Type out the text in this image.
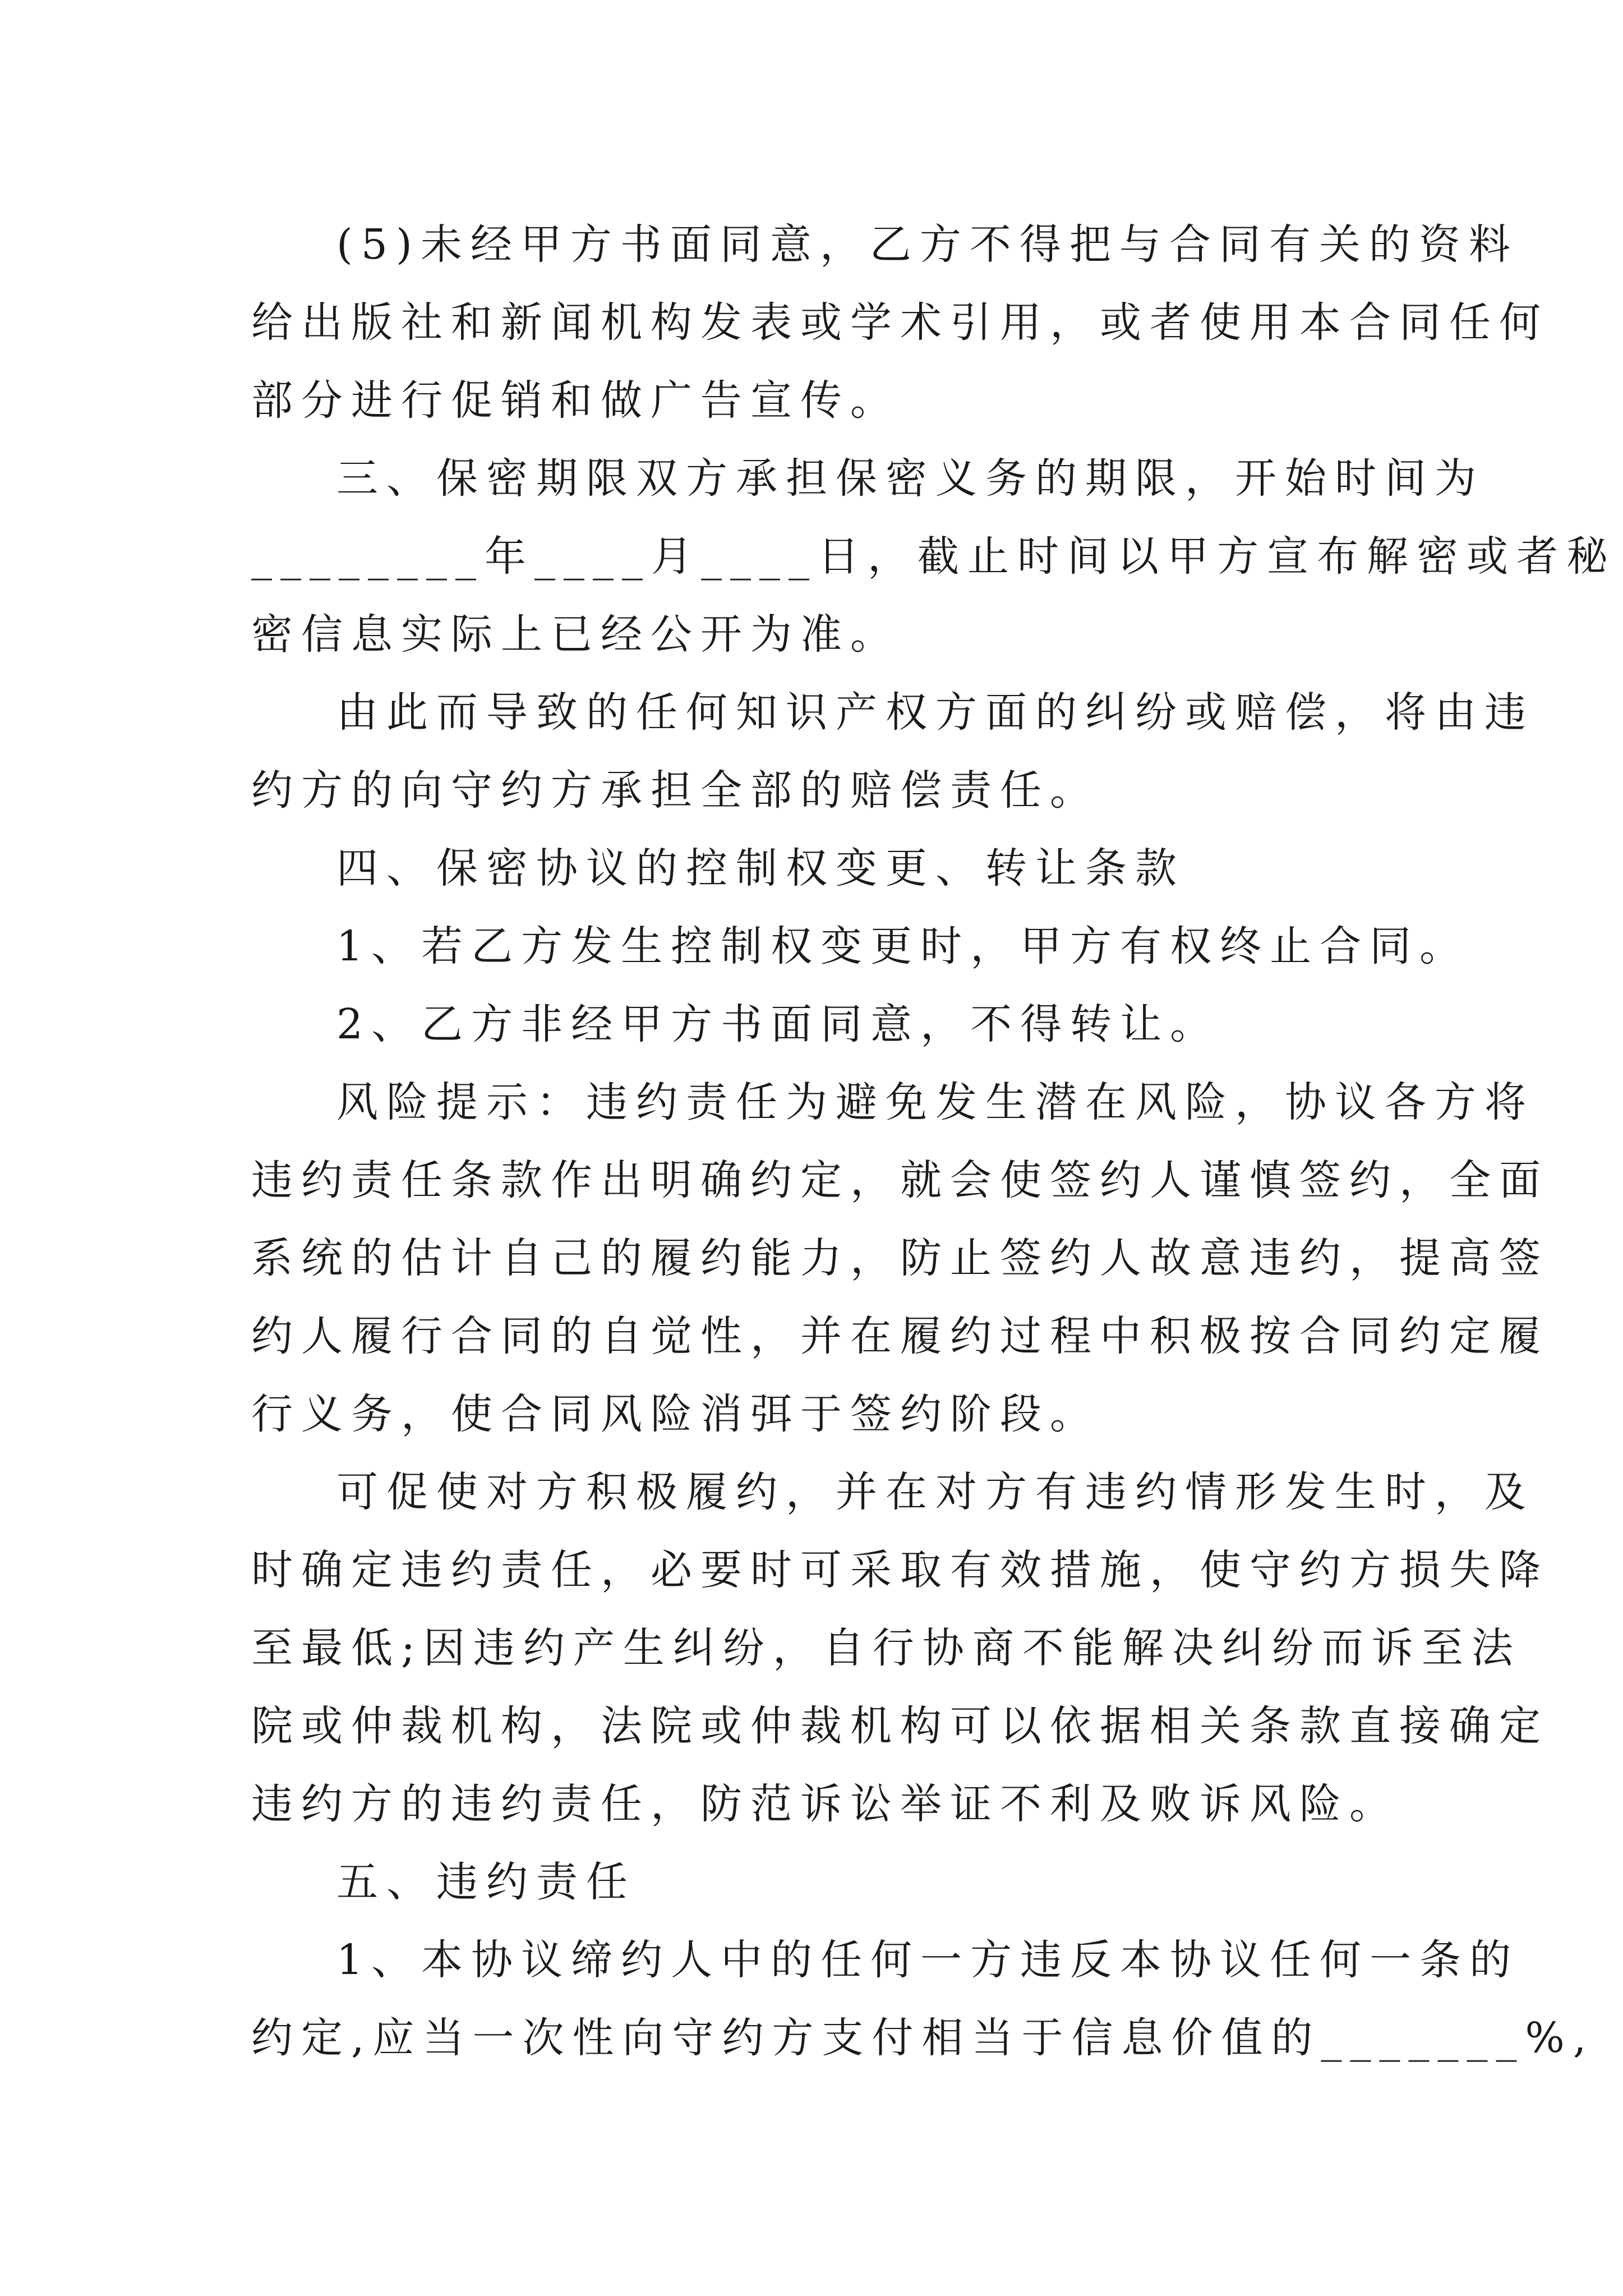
(5)未经甲方书面同意，乙方不得把与合同有关的资料
给出版社和新闻机构发表或学术引用，或者使用本合同任何
部分进行促销和做广告宣传。
三、保密期限双方承担保密义务的期限，开始时间为
________年____月____日，截止时间以甲方宣布解密或者秘
密信息实际上已经公开为准。
由此而导致的任何知识产权方面的纠纷或赔偿，将由违
约方的向守约方承担全部的赔偿责任。
四、保密协议的控制权变更、转让条款
1、若乙方发生控制权变更时，甲方有权终止合同。
2、乙方非经甲方书面同意，不得转让。
风险提示：违约责任为避免发生潜在风险，协议各方将
违约责任条款作出明确约定，就会使签约人谨慎签约，全面
系统的估计自己的履约能力，防止签约人故意违约，提高签
约人履行合同的自觉性，并在履约过程中积极按合同约定履
行义务，使合同风险消弭于签约阶段。
可促使对方积极履约，并在对方有违约情形发生时，及
时确定违约责任，必要时可采取有效措施，使守约方损失降
至最低;因违约产生纠纷，自行协商不能解决纠纷而诉至法
院或仲裁机构，法院或仲裁机构可以依据相关条款直接确定
违约方的违约责任，防范诉讼举证不利及败诉风险。
五、违约责任
1、本协议缔约人中的任何一方违反本协议任何一条的
约定,应当一次性向守约方支付相当于信息价值的_______%,
